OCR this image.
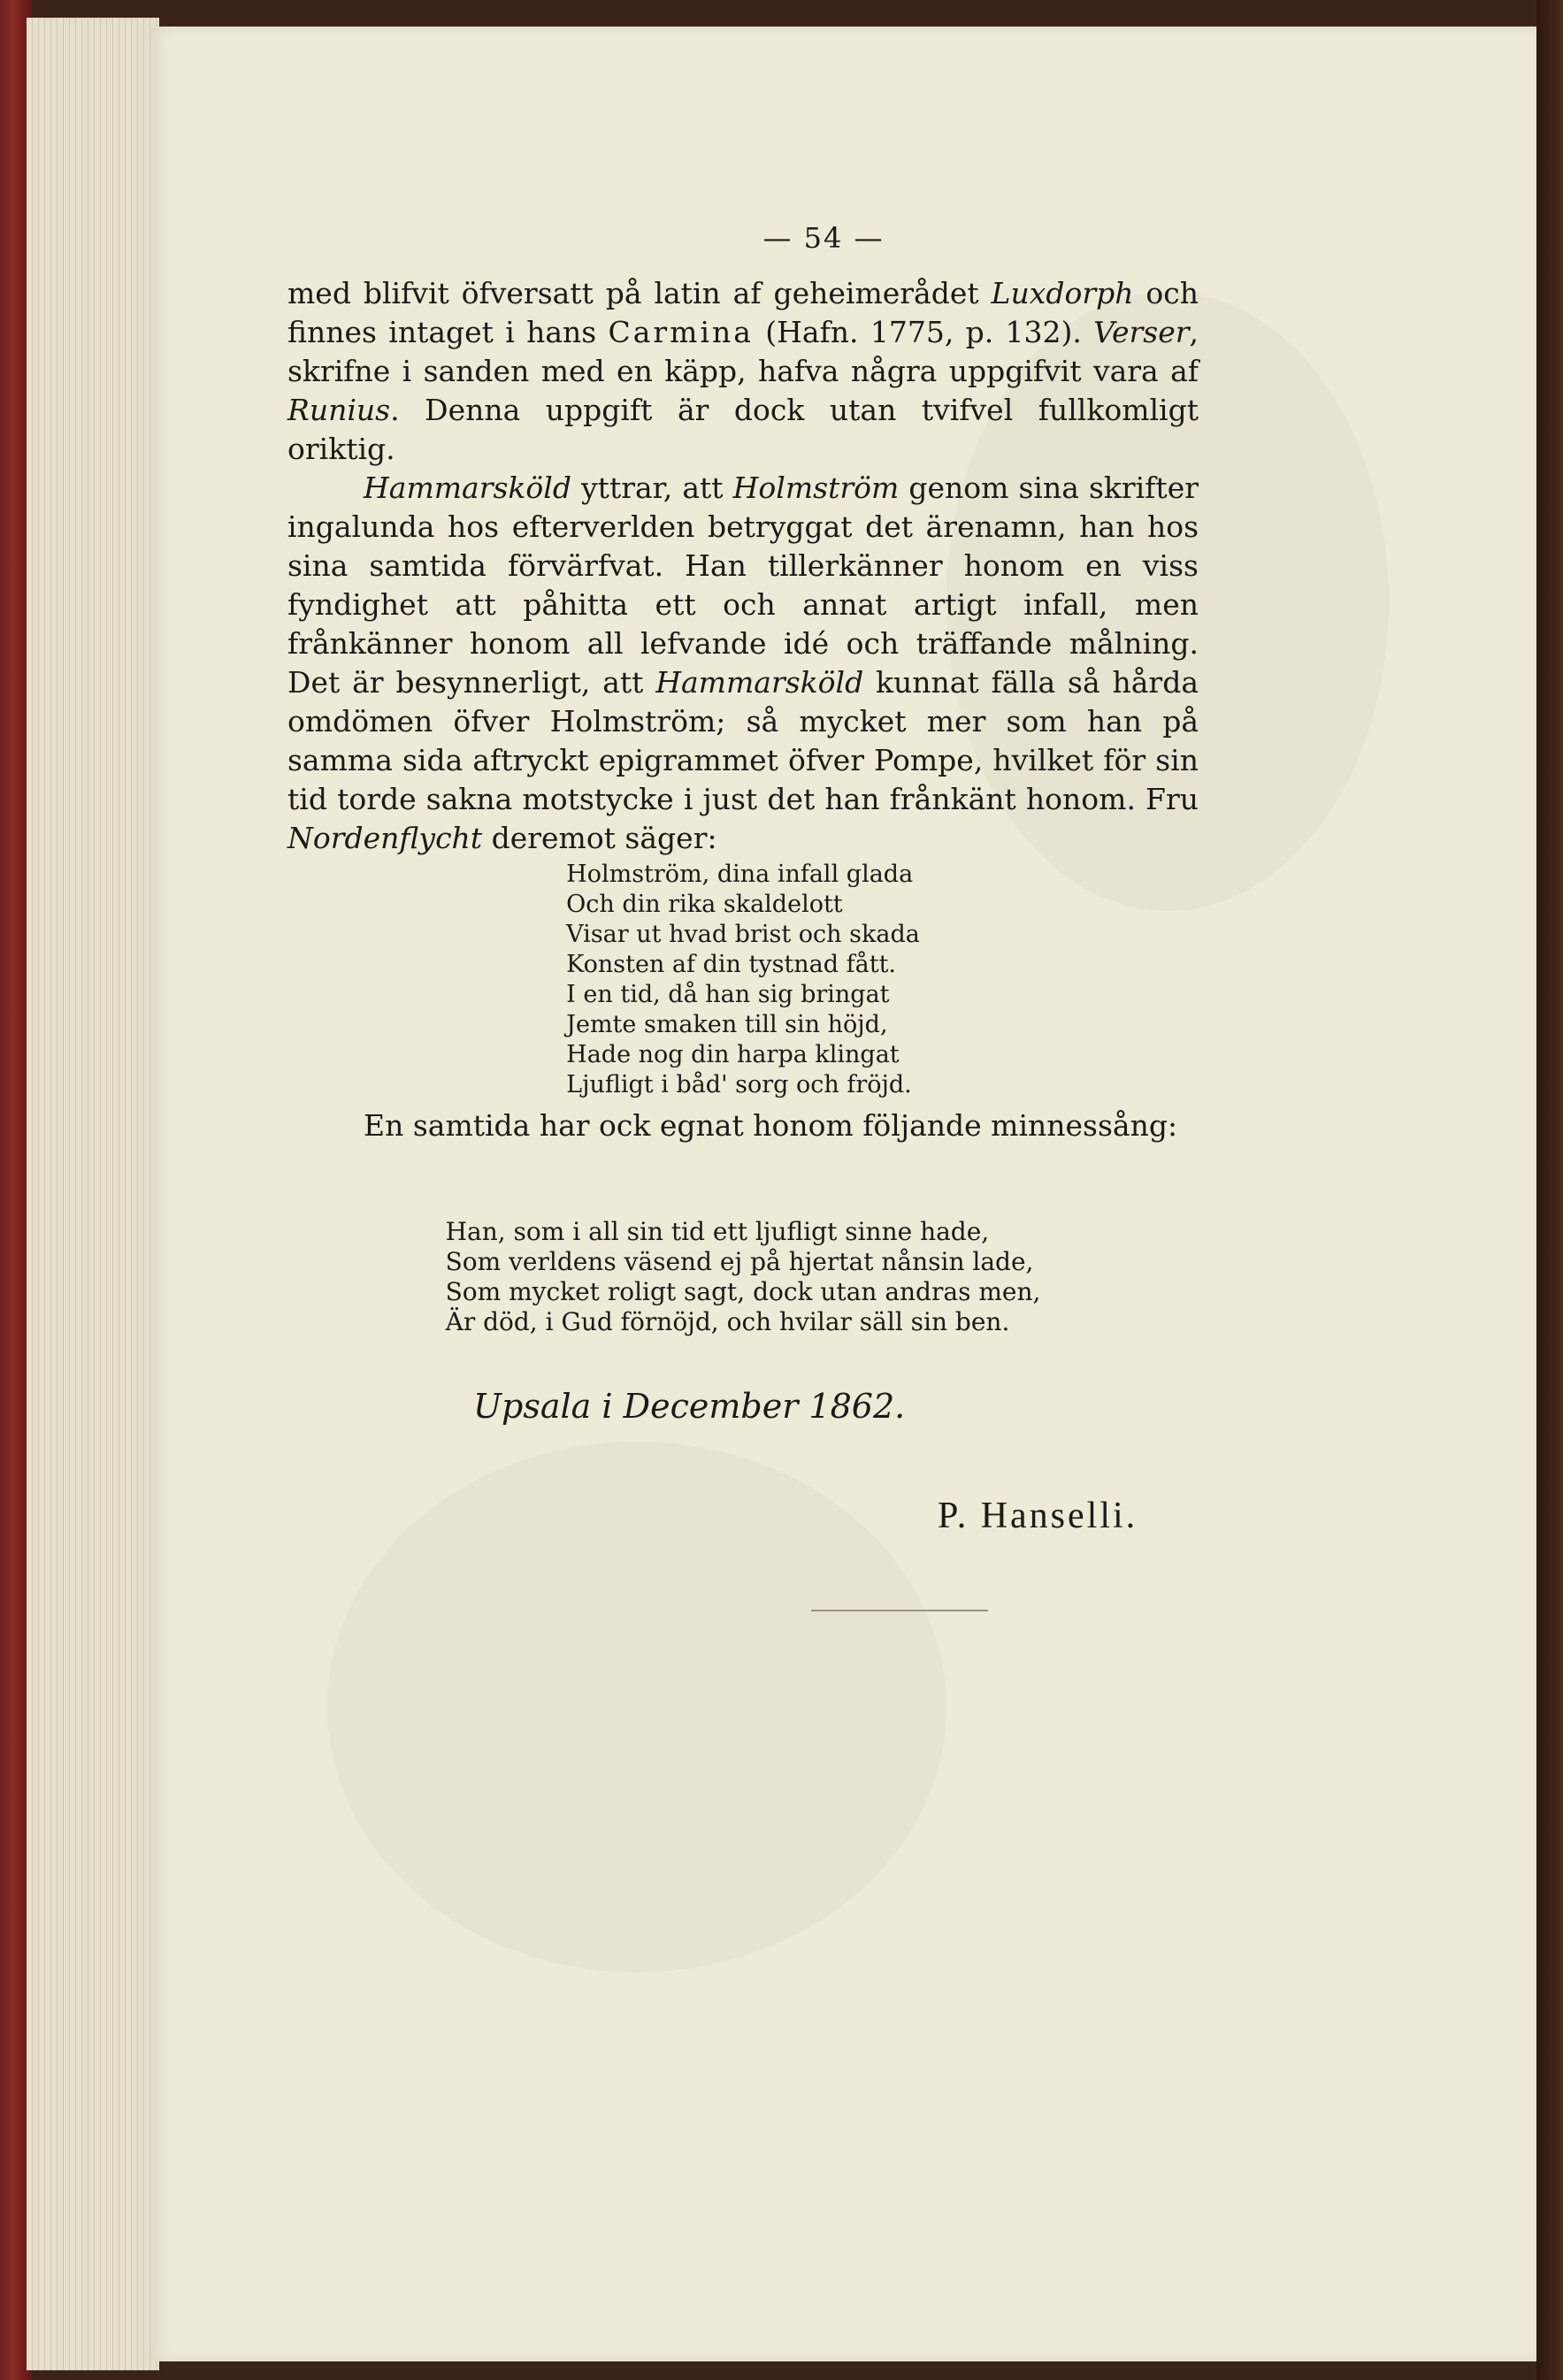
— 54 —

med blifvit öfversatt på latin af geheimerådet Luxdorph och finnes intaget i hans Carmina (Hafn. 1775, p. 132). Verser, skrifne i sanden med en käpp, hafva några uppgifvit vara af Runius. Denna uppgift är dock utan tvifvel fullkomligt oriktig.

Hammarsköld yttrar, att Holmström genom sina skrifter ingalunda hos efterverlden betryggat det ärenamn, han hos sina samtida förvärfvat. Han tillerkänner honom en viss fyndighet att påhitta ett och annat artigt infall, men frånkänner honom all lefvande idé och träffande målning. Det är besynnerligt, att Hammarsköld kunnat fälla så hårda omdömen öfver Holmström; så mycket mer som han på samma sida aftryckt epigrammet öfver Pompe, hvilket för sin tid torde sakna motstycke i just det han frånkänt honom. Fru Nordenflycht deremot säger:

Holmström, dina infall glada
Och din rika skaldelott
Visar ut hvad brist och skada
Konsten af din tystnad fått.
I en tid, då han sig bringat
Jemte smaken till sin höjd,
Hade nog din harpa klingat
Ljufligt i båd' sorg och fröjd.
En samtida har ock egnat honom följande minnessång:
Han, som i all sin tid ett ljufligt sinne hade,
Som verldens väsend ej på hjertat nånsin lade,
Som mycket roligt sagt, dock utan andras men,
Är död, i Gud förnöjd, och hvilar säll sin ben.
Upsala i December 1862.
P. Hanselli.
